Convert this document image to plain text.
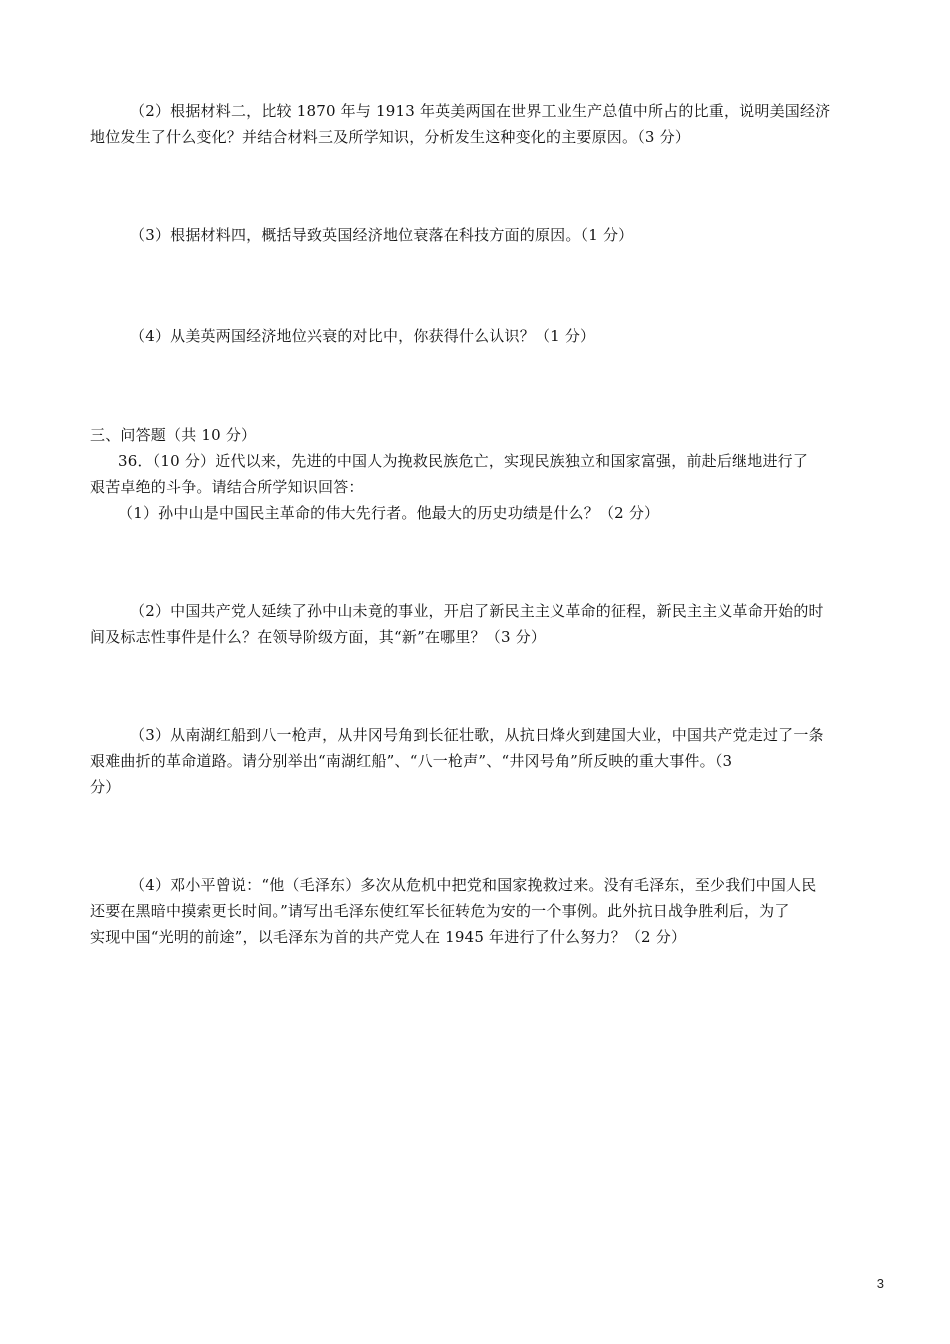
（2）根据材料二，比较 1870 年与 1913 年英美两国在世界工业生产总值中所占的比重，说明美国经济
地位发生了什么变化？并结合材料三及所学知识，分析发生这种变化的主要原因。（3 分）
（3）根据材料四，概括导致英国经济地位衰落在科技方面的原因。（1 分）
（4）从美英两国经济地位兴衰的对比中，你获得什么认识？（1 分）
三、问答题（共 10 分）
36．（10 分）近代以来，先进的中国人为挽救民族危亡，实现民族独立和国家富强，前赴后继地进行了
艰苦卓绝的斗争。请结合所学知识回答：
（1）孙中山是中国民主革命的伟大先行者。他最大的历史功绩是什么？（2 分）
（2）中国共产党人延续了孙中山未竟的事业，开启了新民主主义革命的征程，新民主主义革命开始的时
间及标志性事件是什么？在领导阶级方面，其“新”在哪里？（3 分）
（3）从南湖红船到八一枪声，从井冈号角到长征壮歌，从抗日烽火到建国大业，中国共产党走过了一条
艰难曲折的革命道路。请分别举出“南湖红船”、“八一枪声”、“井冈号角”所反映的重大事件。（3
分）
（4）邓小平曾说：“他（毛泽东）多次从危机中把党和国家挽救过来。没有毛泽东，至少我们中国人民
还要在黑暗中摸索更长时间。”请写出毛泽东使红军长征转危为安的一个事例。此外抗日战争胜利后，为了
实现中国“光明的前途”，以毛泽东为首的共产党人在 1945 年进行了什么努力？（2 分）
3
